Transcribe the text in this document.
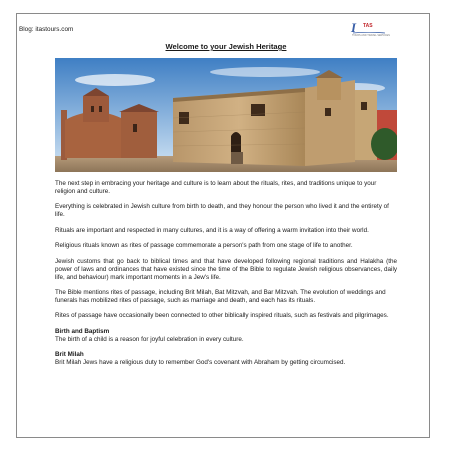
Blog: itastours.com	I TAS
TOURS AND TRAVEL SERVICES
Welcome to your Jewish Heritage

The next step in embracing your heritage and culture is to learn about the rituals, rites, and traditions unique to your religion and culture.

Everything is celebrated in Jewish culture from birth to death, and they honour the person who lived it and the entirety of life.

Rituals are important and respected in many cultures, and it is a way of offering a warm invitation into their world.

Religious rituals known as rites of passage commemorate a person's path from one stage of life to another.

Jewish customs that go back to biblical times and that have developed following regional traditions and Halakha (the power of laws and ordinances that have existed since the time of the Bible to regulate Jewish religious observances, daily life, and behaviour) mark important moments in a Jew's life.

The Bible mentions rites of passage, including Brit Milah, Bat Mitzvah, and Bar Mitzvah. The evolution of weddings and funerals has mobilized rites of passage, such as marriage and death, and each has its rituals.

Rites of passage have occasionally been connected to other biblically inspired rituals, such as festivals and pilgrimages.

Birth and Baptism

The birth of a child is a reason for joyful celebration in every culture.

Brit Milah

Brit Milah Jews have a religious duty to remember God's covenant with Abraham by getting circumcised.
